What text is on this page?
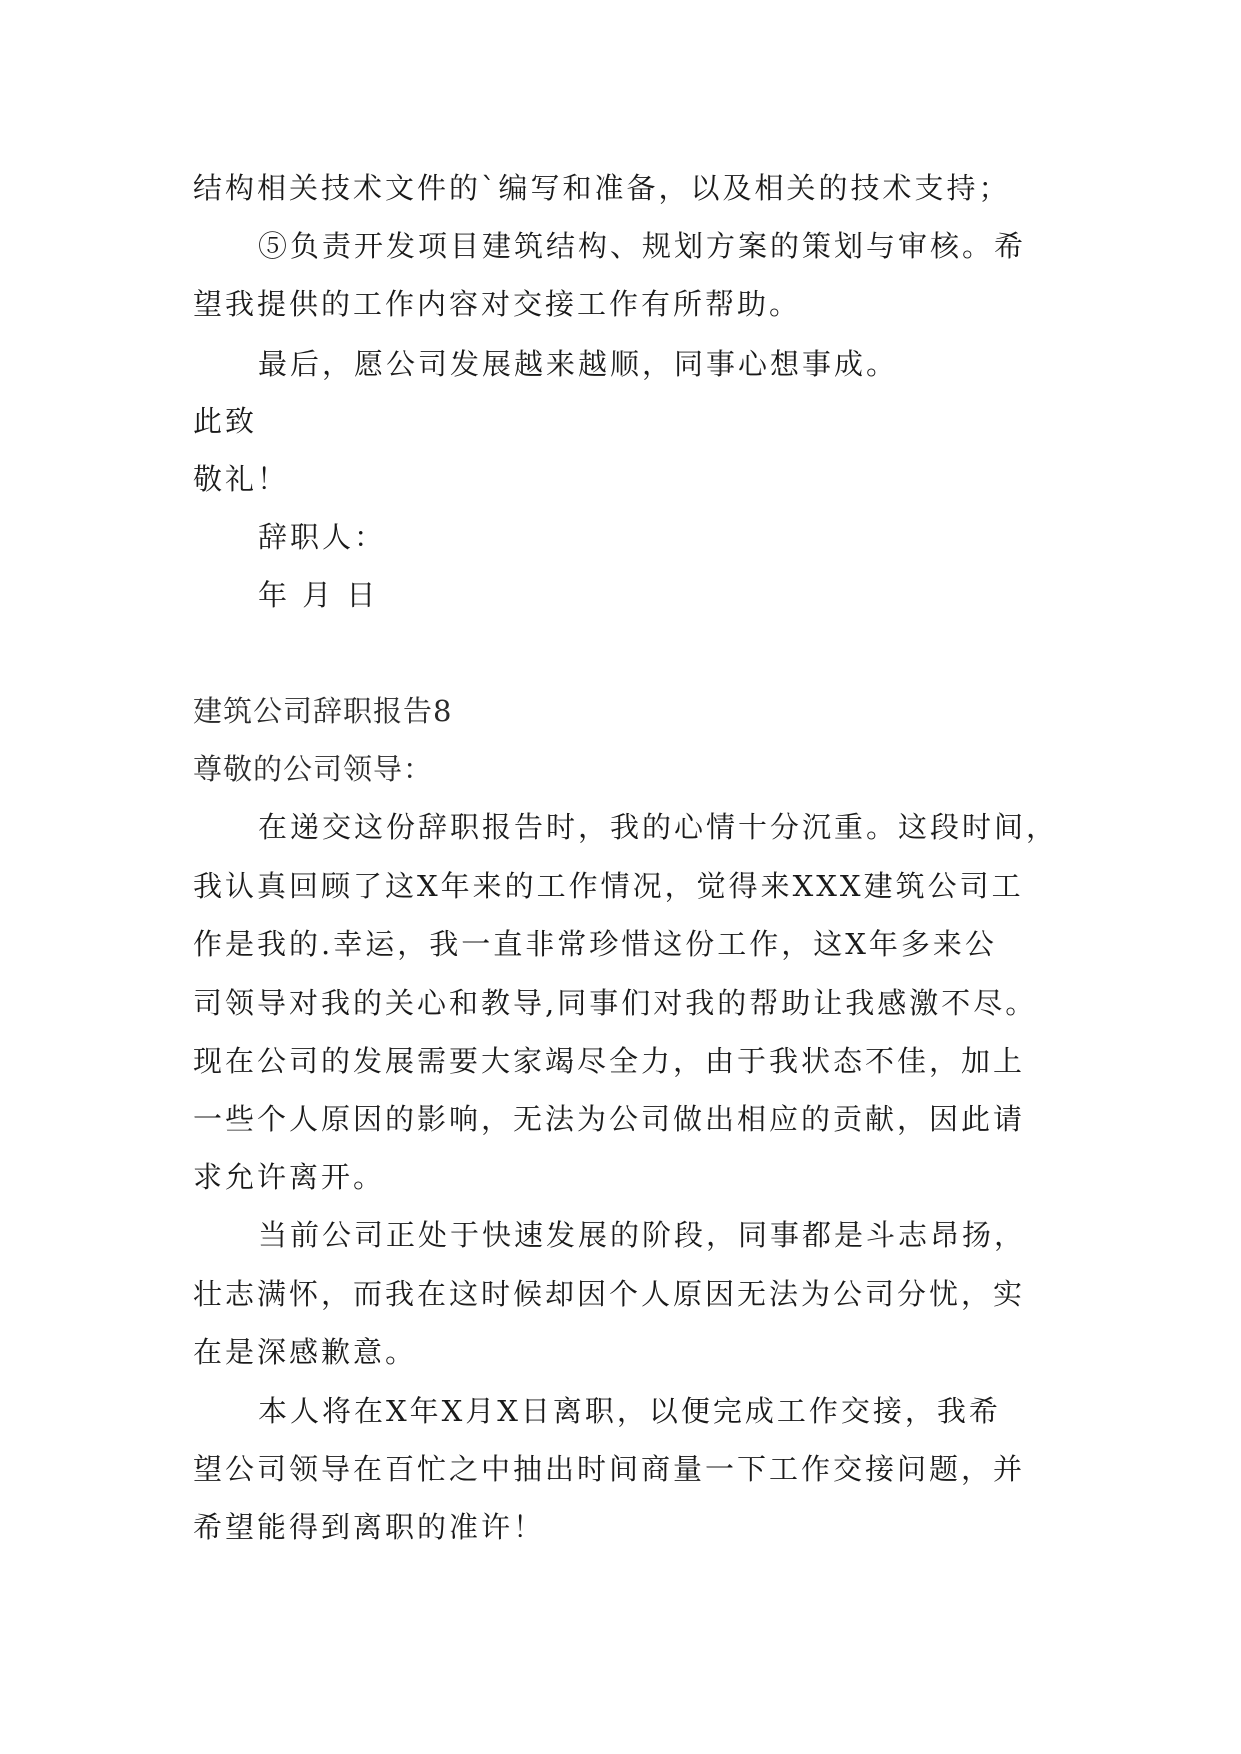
结构相关技术文件的`编写和准备，以及相关的技术支持；
⑤负责开发项目建筑结构、规划方案的策划与审核。希
望我提供的工作内容对交接工作有所帮助。
最后，愿公司发展越来越顺，同事心想事成。
此致
敬礼！
辞职人：
年 月 日
建筑公司辞职报告8
尊敬的公司领导：
在递交这份辞职报告时，我的心情十分沉重。这段时间，
我认真回顾了这X年来的工作情况，觉得来XXX建筑公司工
作是我的.幸运，我一直非常珍惜这份工作，这X年多来公
司领导对我的关心和教导,同事们对我的帮助让我感激不尽。
现在公司的发展需要大家竭尽全力，由于我状态不佳，加上
一些个人原因的影响，无法为公司做出相应的贡献，因此请
求允许离开。
当前公司正处于快速发展的阶段，同事都是斗志昂扬，
壮志满怀，而我在这时候却因个人原因无法为公司分忧，实
在是深感歉意。
本人将在X年X月X日离职，以便完成工作交接，我希
望公司领导在百忙之中抽出时间商量一下工作交接问题，并
希望能得到离职的准许！
